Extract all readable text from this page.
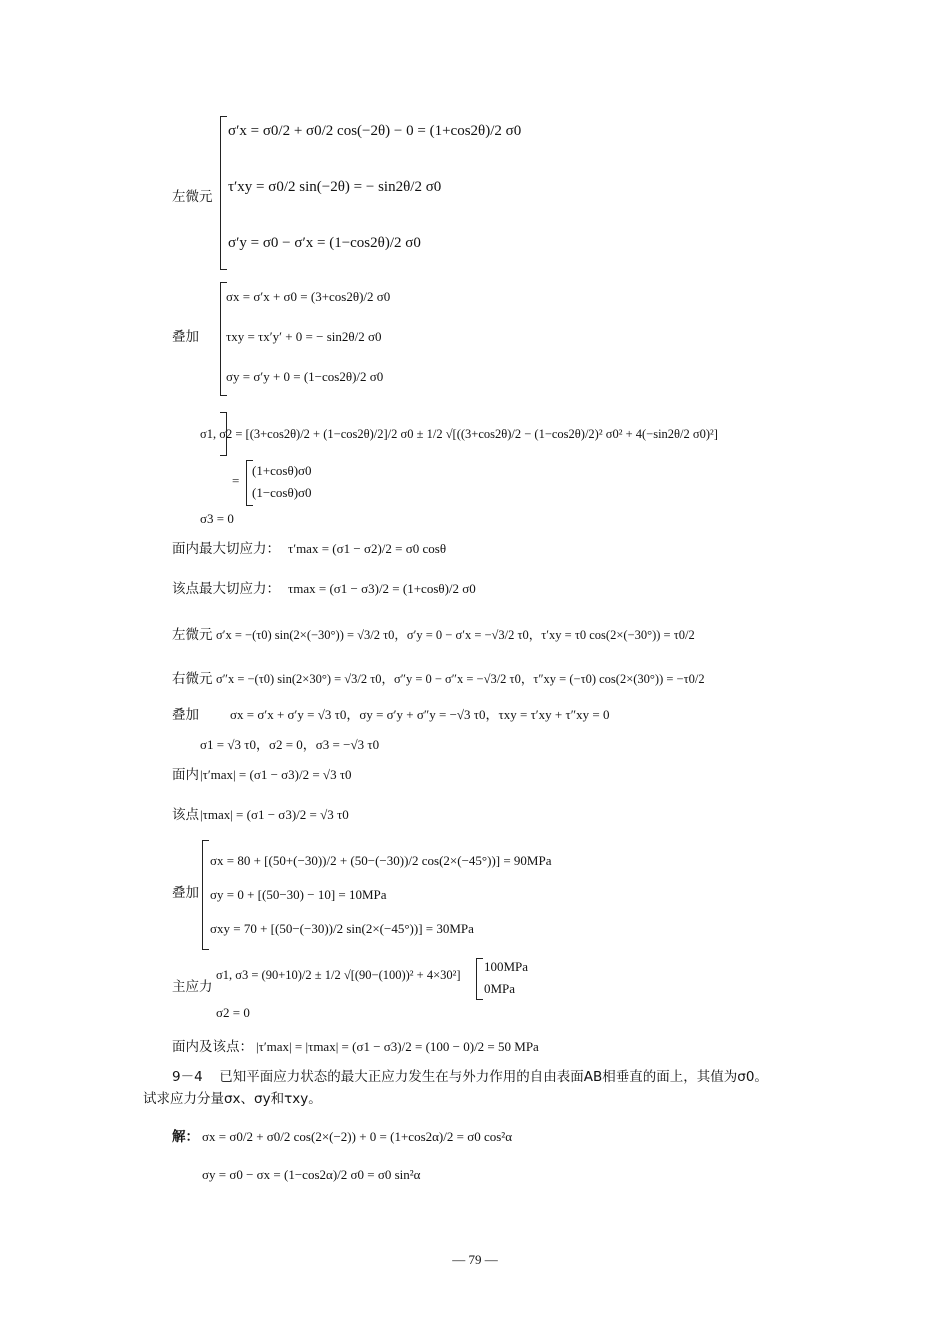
左微元
σ′x = σ0/2 + σ0/2 cos(−2θ) − 0 = (1+cos2θ)/2 σ0
τ′xy = σ0/2 sin(−2θ) = − sin2θ/2 σ0
σ′y = σ0 − σ′x = (1−cos2θ)/2 σ0
叠加
σx = σ′x + σ0 = (3+cos2θ)/2 σ0
τxy = τx′y′ + 0 = − sin2θ/2 σ0
σy = σ′y + 0 = (1−cos2θ)/2 σ0
σ1, σ2 = [(3+cos2θ)/2 + (1−cos2θ)/2]/2 σ0 ± 1/2 √[((3+cos2θ)/2 − (1−cos2θ)/2)² σ0² + 4(−sin2θ/2 σ0)²]
=
(1+cosθ)σ0
(1−cosθ)σ0
σ3 = 0
面内最大切应力： τ′max = (σ1 − σ2)/2 = σ0 cosθ
该点最大切应力： τmax = (σ1 − σ3)/2 = (1+cosθ)/2 σ0
左微元 σ′x = −(τ0) sin(2×(−30°)) = √3/2 τ0，σ′y = 0 − σ′x = −√3/2 τ0，τ′xy = τ0 cos(2×(−30°)) = τ0/2
右微元 σ″x = −(τ0) sin(2×30°) = √3/2 τ0，σ″y = 0 − σ″x = −√3/2 τ0，τ″xy = (−τ0) cos(2×(30°)) = −τ0/2
叠加 σx = σ′x + σ′y = √3 τ0，σy = σ′y + σ″y = −√3 τ0，τxy = τ′xy + τ″xy = 0
σ1 = √3 τ0，σ2 = 0，σ3 = −√3 τ0
面内 |τ′max| = (σ1 − σ3)/2 = √3 τ0
该点 |τmax| = (σ1 − σ3)/2 = √3 τ0
叠加
σx = 80 + [(50+(−30))/2 + (50−(−30))/2 cos(2×(−45°))] = 90MPa
σy = 0 + [(50−30) − 10] = 10MPa
σxy = 70 + [(50−(−30))/2 sin(2×(−45°))] = 30MPa
主应力
σ1, σ3 = (90+10)/2 ± 1/2 √[(90−(100))² + 4×30²]
100MPa
0MPa
σ2 = 0
面内及该点： |τ′max| = |τmax| = (σ1 − σ3)/2 = (100 − 0)/2 = 50 MPa
9－4 已知平面应力状态的最大正应力发生在与外力作用的自由表面AB相垂直的面上，其值为σ0。
试求应力分量σx、σy和τxy。
解： σx = σ0/2 + σ0/2 cos(2×(−2)) + 0 = (1+cos2α)/2 = σ0 cos²α
σy = σ0 − σx = (1−cos2α)/2 σ0 = σ0 sin²α
— 79 —
